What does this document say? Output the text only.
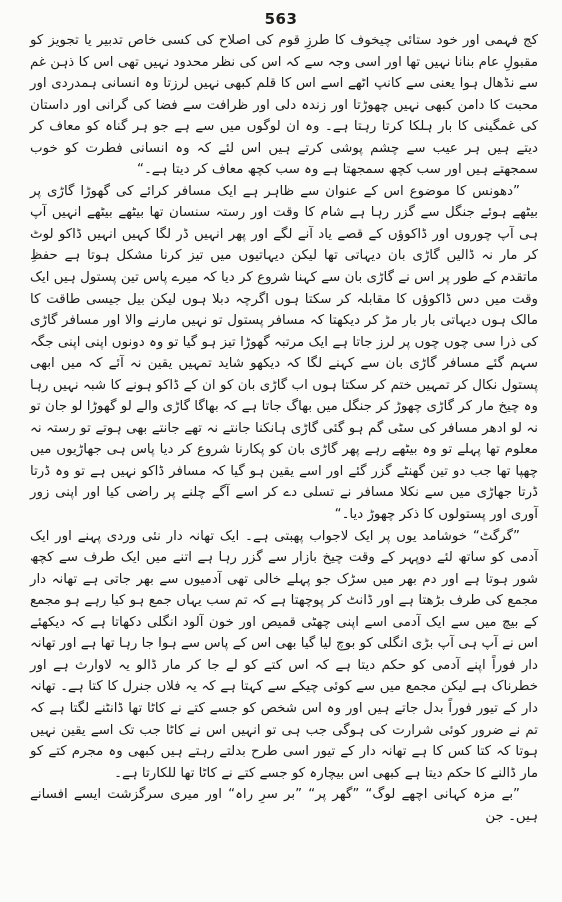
563

کج فہمی اور خود ستائی چیخوف کا طرزِ قوم کی اصلاح کی کسی خاص تدبیر یا تجویز کو مقبولِ عام بنانا نہیں تھا اور اسی وجہ سے کہ اس کی نظر محدود نہیں تھی اس کا ذہن غم سے نڈھال ہوا یعنی سے کانپ اٹھے اسے اس کا قلم کبھی نہیں لرزتا وہ انسانی ہمدردی اور محبت کا دامن کبھی نہیں چھوڑتا اور زندہ دلی اور ظرافت سے فضا کی گرانی اور داستان کی غمگینی کا بار ہلکا کرتا رہتا ہے۔ وہ ان لوگوں میں سے ہے جو ہر گناہ کو معاف کر دیتے ہیں ہر عیب سے چشم پوشی کرتے ہیں اس لئے کہ وہ انسانی فطرت کو خوب سمجھتے ہیں اور سب کچھ سمجھتا ہے وہ سب کچھ معاف کر دیتا ہے۔“

”دھونس کا موضوع اس کے عنوان سے ظاہر ہے ایک مسافر کرائے کی گھوڑا گاڑی پر بیٹھے ہوئے جنگل سے گزر رہا ہے شام کا وقت اور رستہ سنسان تھا بیٹھے بیٹھے انہیں آپ ہی آپ چوروں اور ڈاکوؤں کے قصے یاد آنے لگے اور پھر انہیں ڈر لگا کہیں انہیں ڈاکو لوٹ کر مار نہ ڈالیں گاڑی بان دیہاتی تھا لیکن دیہاتیوں میں تیز کرنا مشکل ہوتا ہے حفظِ ماتقدم کے طور پر اس نے گاڑی بان سے کہنا شروع کر دیا کہ میرے پاس تین پستول ہیں ایک وقت میں دس ڈاکوؤں کا مقابلہ کر سکتا ہوں اگرچہ دبلا ہوں لیکن بیل جیسی طاقت کا مالک ہوں دیہاتی بار بار مڑ کر دیکھتا کہ مسافر پستول تو نہیں مارنے والا اور مسافر گاڑی کی ذرا سی چوں چوں پر لرز جاتا ہے ایک مرتبہ گھوڑا تیز ہو گیا تو وہ دونوں اپنی اپنی جگہ سہم گئے مسافر گاڑی بان سے کہنے لگا کہ دیکھو شاید تمہیں یقین نہ آئے کہ میں ابھی پستول نکال کر تمہیں ختم کر سکتا ہوں اب گاڑی بان کو ان کے ڈاکو ہونے کا شبہ نہیں رہا وہ چیخ مار کر گاڑی چھوڑ کر جنگل میں بھاگ جاتا ہے کہ بھاگا گاڑی والے لو گھوڑا لو جان تو نہ لو ادھر مسافر کی سٹی گم ہو گئی گاڑی ہانکنا جانتے نہ تھے جانتے بھی ہوتے تو رستہ نہ معلوم تھا پہلے تو وہ بیٹھے رہے پھر گاڑی بان کو پکارنا شروع کر دیا پاس ہی جھاڑیوں میں چھپا تھا جب دو تین گھنٹے گزر گئے اور اسے یقین ہو گیا کہ مسافر ڈاکو نہیں ہے تو وہ ڈرتا ڈرتا جھاڑی میں سے نکلا مسافر نے تسلی دے کر اسے آگے چلنے پر راضی کیا اور اپنی زور آوری اور پستولوں کا ذکر چھوڑ دیا۔“

”گرگٹ“ خوشامد یوں پر ایک لاجواب پھبتی ہے۔ ایک تھانہ دار نئی وردی پہنے اور ایک آدمی کو ساتھ لئے دوپہر کے وقت چیخ بازار سے گزر رہا ہے اتنے میں ایک طرف سے کچھ شور ہوتا ہے اور دم بھر میں سڑک جو پہلے خالی تھی آدمیوں سے بھر جاتی ہے تھانہ دار مجمع کی طرف بڑھتا ہے اور ڈانٹ کر پوچھتا ہے کہ تم سب یہاں جمع ہو کیا رہے ہو مجمع کے بیچ میں سے ایک آدمی اسے اپنی چھٹی قمیص اور خون آلود انگلی دکھاتا ہے کہ دیکھئے اس نے آپ ہی آپ بڑی انگلی کو بوچ لیا گیا بھی اس کے پاس سے ہوا جا رہا تھا ہے اور تھانہ دار فوراً اپنے آدمی کو حکم دیتا ہے کہ اس کتے کو لے جا کر مار ڈالو یہ لاوارث ہے اور خطرناک ہے لیکن مجمع میں سے کوئی چیکے سے کہتا ہے کہ یہ فلاں جنرل کا کتا ہے۔ تھانہ دار کے تیور فوراً بدل جاتے ہیں اور وہ اس شخص کو جسے کتے نے کاٹا تھا ڈانٹنے لگتا ہے کہ تم نے ضرور کوئی شرارت کی ہوگی جب ہی تو انہیں اس نے کاٹا جب تک اسے یقین نہیں ہوتا کہ کتا کس کا ہے تھانہ دار کے تیور اسی طرح بدلتے رہتے ہیں کبھی وہ مجرم کتے کو مار ڈالنے کا حکم دیتا ہے کبھی اس بیچارہ کو جسے کتے نے کاٹا تھا للکارتا ہے۔

”بے مزہ کہانی اچھے لوگ“ ”گھر پر“ ”بر سرِ راہ“ اور میری سرگزشت ایسے افسانے ہیں۔ جن
